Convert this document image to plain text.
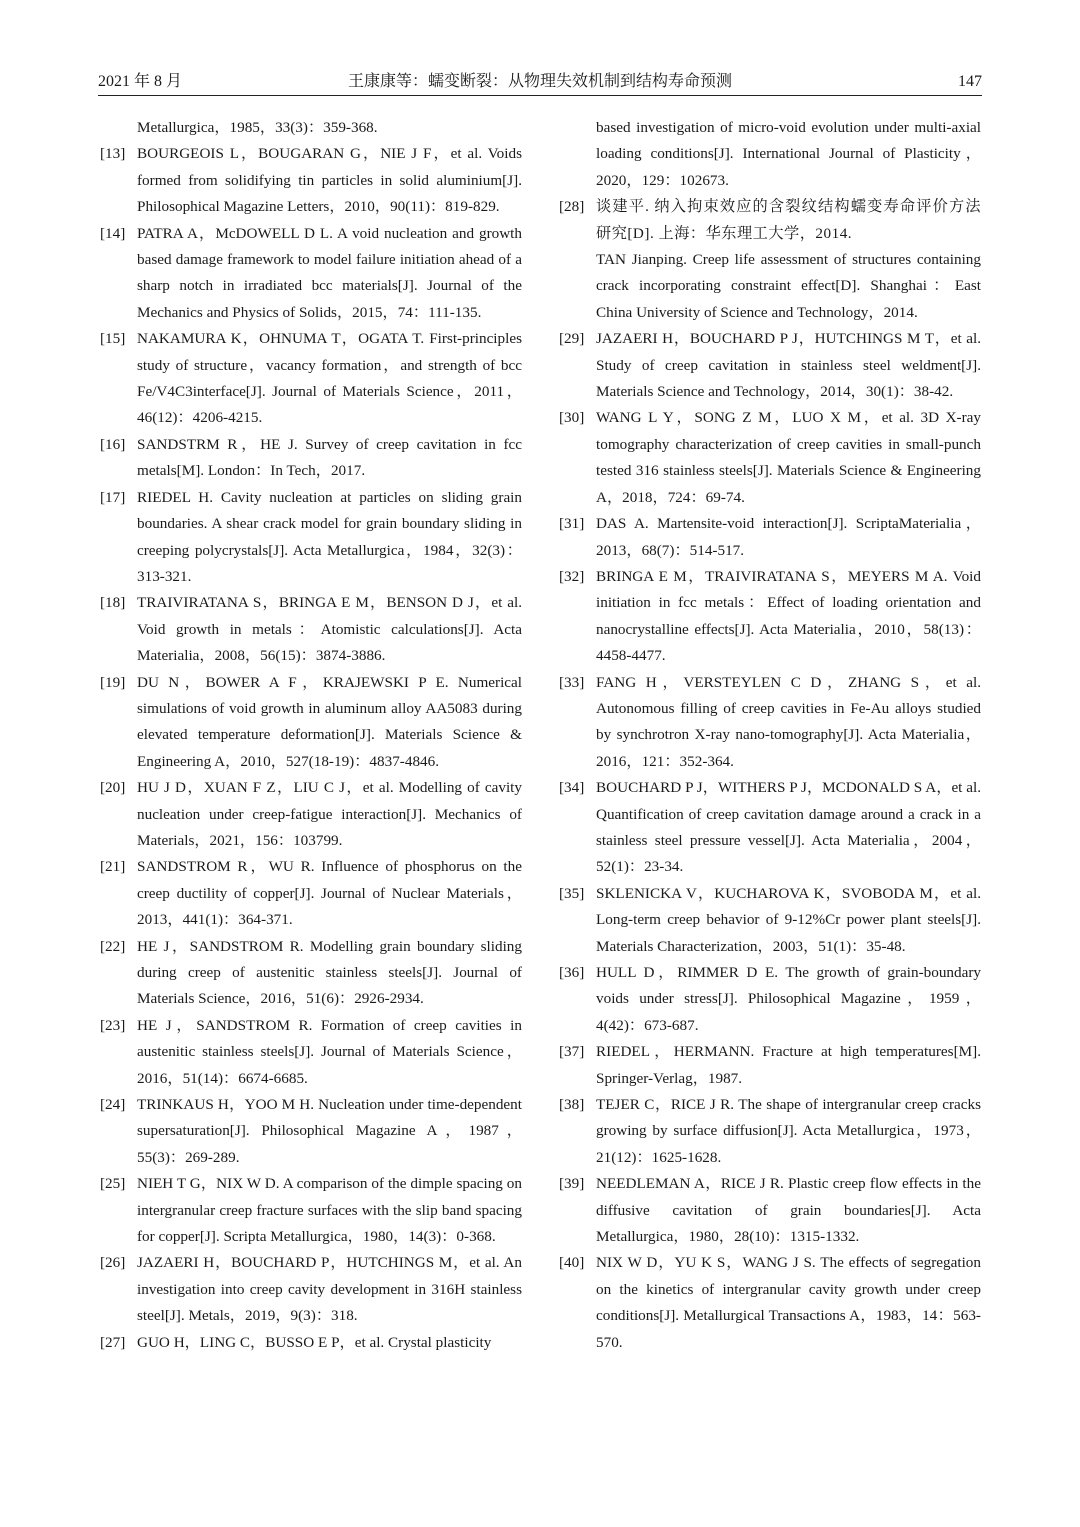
2021 年 8 月	王康康等：蠕变断裂：从物理失效机制到结构寿命预测	147
Metallurgica，1985，33(3)：359-368.
[13] BOURGEOIS L，BOUGARAN G，NIE J F，et al. Voids formed from solidifying tin particles in solid aluminium[J]. Philosophical Magazine Letters，2010，90(11)：819-829.
[14] PATRA A，McDOWELL D L. A void nucleation and growth based damage framework to model failure initiation ahead of a sharp notch in irradiated bcc materials[J]. Journal of the Mechanics and Physics of Solids，2015，74：111-135.
[15] NAKAMURA K，OHNUMA T，OGATA T. First-principles study of structure，vacancy formation，and strength of bcc Fe/V4C3interface[J]. Journal of Materials Science，2011，46(12)：4206-4215.
[16] SANDSTRM R，HE J. Survey of creep cavitation in fcc metals[M]. London：In Tech，2017.
[17] RIEDEL H. Cavity nucleation at particles on sliding grain boundaries. A shear crack model for grain boundary sliding in creeping polycrystals[J]. Acta Metallurgica，1984，32(3)：313-321.
[18] TRAIVIRATANA S，BRINGA E M，BENSON D J，et al. Void growth in metals：Atomistic calculations[J]. Acta Materialia，2008，56(15)：3874-3886.
[19] DU N，BOWER A F，KRAJEWSKI P E. Numerical simulations of void growth in aluminum alloy AA5083 during elevated temperature deformation[J]. Materials Science & Engineering A，2010，527(18-19)：4837-4846.
[20] HU J D，XUAN F Z，LIU C J，et al. Modelling of cavity nucleation under creep-fatigue interaction[J]. Mechanics of Materials，2021，156：103799.
[21] SANDSTROM R，WU R. Influence of phosphorus on the creep ductility of copper[J]. Journal of Nuclear Materials，2013，441(1)：364-371.
[22] HE J，SANDSTROM R. Modelling grain boundary sliding during creep of austenitic stainless steels[J]. Journal of Materials Science，2016，51(6)：2926-2934.
[23] HE J，SANDSTROM R. Formation of creep cavities in austenitic stainless steels[J]. Journal of Materials Science，2016，51(14)：6674-6685.
[24] TRINKAUS H，YOO M H. Nucleation under time-dependent supersaturation[J]. Philosophical Magazine A，1987，55(3)：269-289.
[25] NIEH T G，NIX W D. A comparison of the dimple spacing on intergranular creep fracture surfaces with the slip band spacing for copper[J]. Scripta Metallurgica，1980，14(3)：0-368.
[26] JAZAERI H，BOUCHARD P，HUTCHINGS M，et al. An investigation into creep cavity development in 316H stainless steel[J]. Metals，2019，9(3)：318.
[27] GUO H，LING C，BUSSO E P，et al. Crystal plasticity
based investigation of micro-void evolution under multi-axial loading conditions[J]. International Journal of Plasticity，2020，129：102673.
[28] 谈建平. 纳入拘束效应的含裂纹结构蠕变寿命评价方法研究[D]. 上海：华东理工大学，2014.
TAN Jianping. Creep life assessment of structures containing crack incorporating constraint effect[D]. Shanghai：East China University of Science and Technology，2014.
[29] JAZAERI H，BOUCHARD P J，HUTCHINGS M T，et al. Study of creep cavitation in stainless steel weldment[J]. Materials Science and Technology，2014，30(1)：38-42.
[30] WANG L Y，SONG Z M，LUO X M，et al. 3D X-ray tomography characterization of creep cavities in small-punch tested 316 stainless steels[J]. Materials Science & Engineering A，2018，724：69-74.
[31] DAS A. Martensite-void interaction[J]. ScriptaMaterialia，2013，68(7)：514-517.
[32] BRINGA E M，TRAIVIRATANA S，MEYERS M A. Void initiation in fcc metals：Effect of loading orientation and nanocrystalline effects[J]. Acta Materialia，2010，58(13)：4458-4477.
[33] FANG H，VERSTEYLEN C D，ZHANG S，et al. Autonomous filling of creep cavities in Fe-Au alloys studied by synchrotron X-ray nano-tomography[J]. Acta Materialia，2016，121：352-364.
[34] BOUCHARD P J，WITHERS P J，MCDONALD S A，et al. Quantification of creep cavitation damage around a crack in a stainless steel pressure vessel[J]. Acta Materialia，2004，52(1)：23-34.
[35] SKLENICKA V，KUCHAROVA K，SVOBODA M，et al. Long-term creep behavior of 9-12%Cr power plant steels[J]. Materials Characterization，2003，51(1)：35-48.
[36] HULL D，RIMMER D E. The growth of grain-boundary voids under stress[J]. Philosophical Magazine，1959，4(42)：673-687.
[37] RIEDEL，HERMANN. Fracture at high temperatures[M]. Springer-Verlag，1987.
[38] TEJER C，RICE J R. The shape of intergranular creep cracks growing by surface diffusion[J]. Acta Metallurgica，1973，21(12)：1625-1628.
[39] NEEDLEMAN A，RICE J R. Plastic creep flow effects in the diffusive cavitation of grain boundaries[J]. Acta Metallurgica，1980，28(10)：1315-1332.
[40] NIX W D，YU K S，WANG J S. The effects of segregation on the kinetics of intergranular cavity growth under creep conditions[J]. Metallurgical Transactions A，1983，14：563-570.
